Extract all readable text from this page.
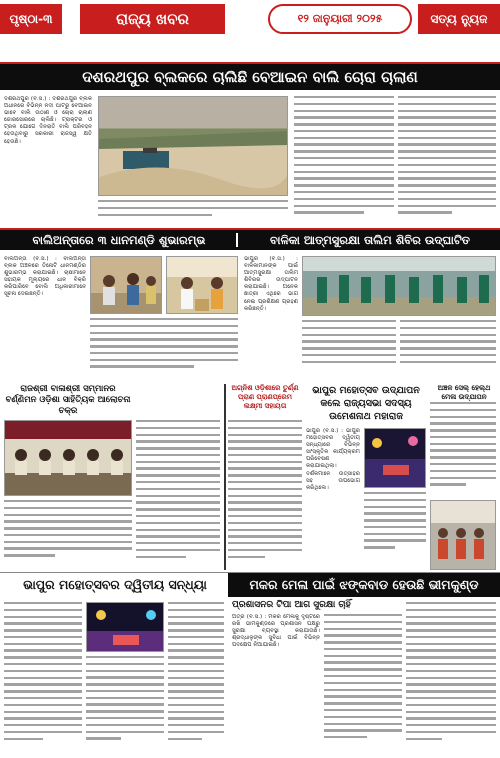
ପୃଷ୍ଠା-୩	ରାଜ୍ୟ ଖବର	୧୨ ଜାନୁୟାରୀ ୨୦୨୫	ସତ୍ୟ ନ୍ୟୁଜ
ଦଶରଥପୁର ବ୍ଲକରେ ଚାଲିଛି ବେଆଇନ ବାଲି ଚୋରା ଚାଲାଣ
ଦଶରଥପୁର (ବି.ସ.) : ଦଶରଥପୁର ବ୍ଲକ ଅଧୀନରେ ବିଭିନ୍ନ ନଦୀ ଘାଟରୁ ବେଆଇନ ଭାବେ ବାଲି ଉଠାଣ ଓ ଚୋରା ଚାଲାଣ ଜୋରସୋରରେ ଚାଲିଛି। ଟ୍ରାକ୍ଟର ଓ ଟ୍ରକ ଯୋଗେ ଦିନରାତି ବାଲି ପରିବହନ ହେଉଥିବାରୁ ସରକାରୀ ରାଜସ୍ୱ କ୍ଷତି ହେଉଛି।
ବାଲିଅନ୍ତାରେ ୩ ଧାନମଣ୍ଡି ଶୁଭାରମ୍ଭ	ବାଳିକା ଆତ୍ମସୁରକ୍ଷା ତାଲିମ ଶିବିର ଉଦ୍‌ଘାଟିତ
ବାଲିଅନ୍ତା (ବି.ସ.) : ବାଲିଅନ୍ତା ବ୍ଲକ ଅଞ୍ଚଳରେ ତିନୋଟି ଧାନମଣ୍ଡିର ଶୁଭାରମ୍ଭ କରାଯାଇଛି। ଚାଷୀମାନେ ସହାୟକ ମୂଲ୍ୟରେ ଧାନ ବିକ୍ରି କରିପାରିବେ ବୋଲି ଅଧିକାରୀମାନେ ସୂଚନା ଦେଇଛନ୍ତି।
ଭାପୁର (ବି.ସ.) : ବାଳିକାମାନଙ୍କ ପାଇଁ ଆତ୍ମସୁରକ୍ଷା ତାଲିମ ଶିବିରର ଉଦ୍‌ଘାଟନ କରାଯାଇଛି। ଅନେକ ଛାତ୍ରୀ ଏଥିରେ ଭାଗ ନେଇ ପ୍ରଶିକ୍ଷଣ ଗ୍ରହଣ କରିଛନ୍ତି।
ରାଜଶ୍ରୀ ବାଳାଶ୍ରୀ ସମ୍ମାନର ବର୍ଣ୍ଣିମନ ଓଡ଼ିଶା ସାହିତ୍ୟିକ ଆଲୋଚନା ଚକ୍ର
ଅଗ୍ନିଶ ଓଡ଼ିଶାରେ ତୁର୍ଣ୍ଣ ପ୍ରାଣ ପ୍ରାଣପ୍ରେମ ଲକ୍ଷ୍ମୀ ସହାୟତା
ଭାପୁର ମହୋତ୍ସବ ଉଦ୍‌ଯାପନ କଲେ ରାଜ୍ୟସଭା ସଦସ୍ୟ ଉମେଶନାଥ ମହାରାଜ
ଭାପୁର (ବି.ସ.) : ଭାପୁର ମହୋତ୍ସବର ଦ୍ୱିତୀୟ ସନ୍ଧ୍ୟାରେ ବିଭିନ୍ନ ସାଂସ୍କୃତିକ କାର୍ଯ୍ୟକ୍ରମ ପରିବେଷଣ କରାଯାଇଥିଲା। ଦର୍ଶକମାନେ ଉତ୍ସାହର ସହ ଉପଭୋଗ କରିଥିଲେ।
ଅଞ୍ଚଳ ସେଲ୍ ହେଲ୍ଥ ମେଳା ଉଦ୍‌ଯାପନ
ଭାପୁର ମହୋତ୍ସବର ଦ୍ୱିତୀୟ ସନ୍ଧ୍ୟା	ମକର ମେଳା ପାଇଁ ଝଙ୍କବାଡ ହେଉଛି ଭୀମକୁଣ୍ଡ
ପ୍ରଶାସନର ଟିପା ଆଗ ସୁରକ୍ଷା ଚାହିଁ
ଅତ୍ରି (ବି.ସ.) : ମକର ମେଳାକୁ ଦୃଷ୍ଟିରେ ରଖି ଭୀମକୁଣ୍ଡରେ ପ୍ରଶାସନ ପକ୍ଷରୁ ସୁରକ୍ଷା ବ୍ୟବସ୍ଥା କରାଯାଉଛି। ଶ୍ରଦ୍ଧାଳୁଙ୍କ ସୁବିଧା ପାଇଁ ବିଭିନ୍ନ ପଦକ୍ଷେପ ନିଆଯାଇଛି।
